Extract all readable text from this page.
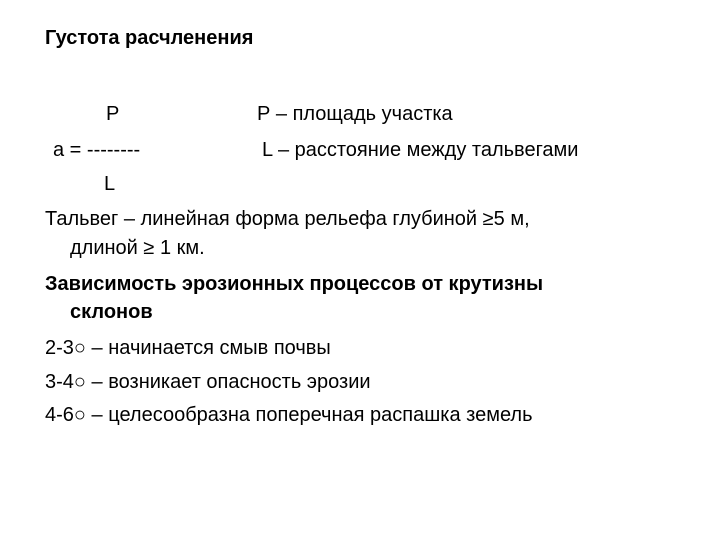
Густота расчленения
P
a = --------
L
Р – площадь участка
L – расстояние между тальвегами
Тальвег – линейная форма рельефа глубиной ≥5 м,
длиной ≥ 1 км.
Зависимость эрозионных процессов от крутизны
склонов
2-3○ – начинается смыв почвы
3-4○ – возникает опасность эрозии
4-6○ – целесообразна поперечная распашка земель
